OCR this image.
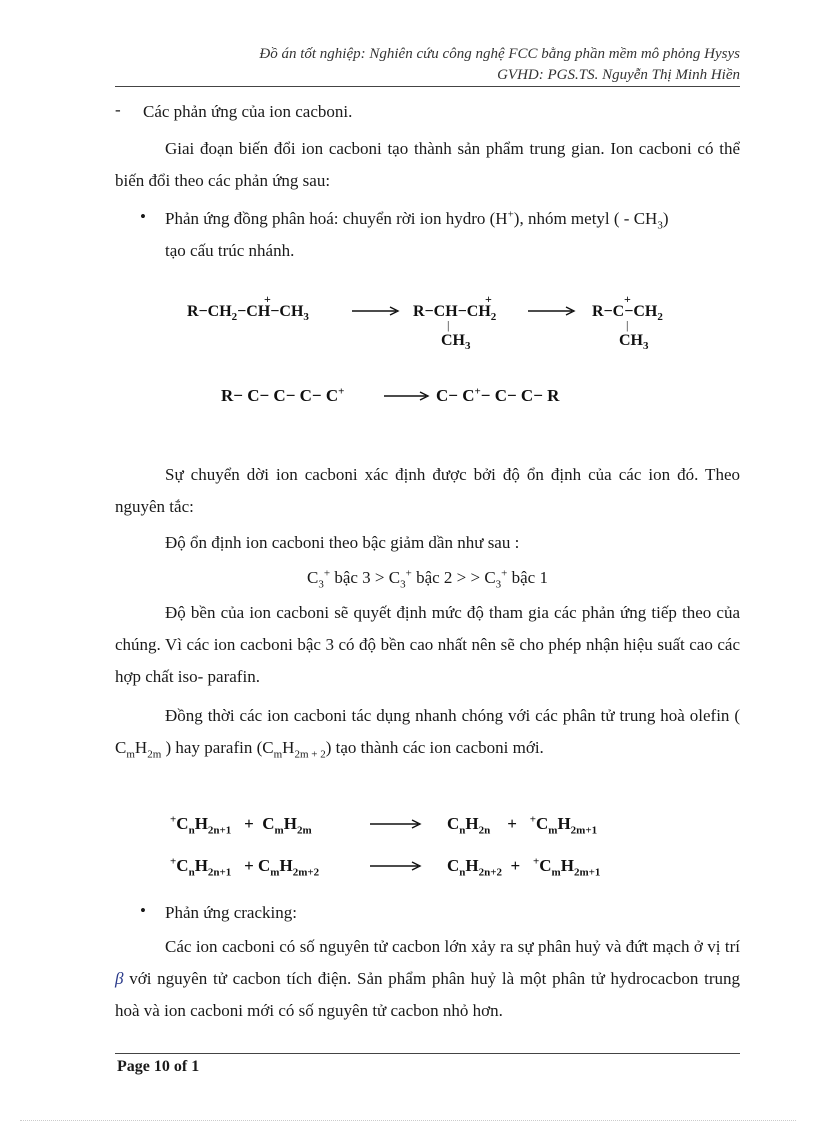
Đồ án tốt nghiệp: Nghiên cứu công nghệ FCC bằng phần mềm mô phỏng Hysys
GVHD: PGS.TS. Nguyễn Thị Minh Hiền
- Các phản ứng của ion cacboni.

Giai đoạn biến đổi ion cacboni tạo thành sản phẩm trung gian. Ion cacboni có thể biến đổi theo các phản ứng sau:

• Phản ứng đồng phân hoá: chuyển rời ion hydro (H+), nhóm metyl ( - $CH_3$)
tạo cấu trúc nhánh.

$R-CH_2-CH-CH_3$
+
→ $R-CH-CH_2$
+
|
$CH_3$
→ $R-C-CH_2$
+
|
$CH_3$
R− C− C− C− C+ → C− C+− C− C− R

Sự chuyển dời ion cacboni xác định được bởi độ ổn định của các ion đó. Theo nguyên tắc:

Độ ổn định ion cacboni theo bậc giảm dần như sau :

$C_3^+$ bậc $3 > C_3^+$ bậc 2 > > $C_3^+$ bậc 1

Độ bền của ion cacboni sẽ quyết định mức độ tham gia các phản ứng tiếp theo của chúng. Vì các ion cacboni bậc 3 có độ bền cao nhất nên sẽ cho phép nhận hiệu suất cao các hợp chất iso- parafin.

Đồng thời các ion cacboni tác dụng nhanh chóng với các phân tử trung hoà olefin ( $C_mH_{2m}$ ) hay parafin $(C_mH_{2m + 2})$ tạo thành các ion cacboni mới.

$^+C_nH_{2n+1} + C_mH_{2m}$	$C_nH_{2n} + ^+C_mH_{2m+1}$
$^+C_nH_{2n+1} + C_mH_{2m+2}$	$C_nH_{2n+2} + ^+C_mH_{2m+1}$
• Phản ứng cracking:

Các ion cacboni có số nguyên tử cacbon lớn xảy ra sự phân huỷ và đứt mạch ở vị trí β với nguyên tử cacbon tích điện. Sản phẩm phân huỷ là một phân tử hydrocacbon trung hoà và ion cacboni mới có số nguyên tử cacbon nhỏ hơn.

Page 10 of 1
